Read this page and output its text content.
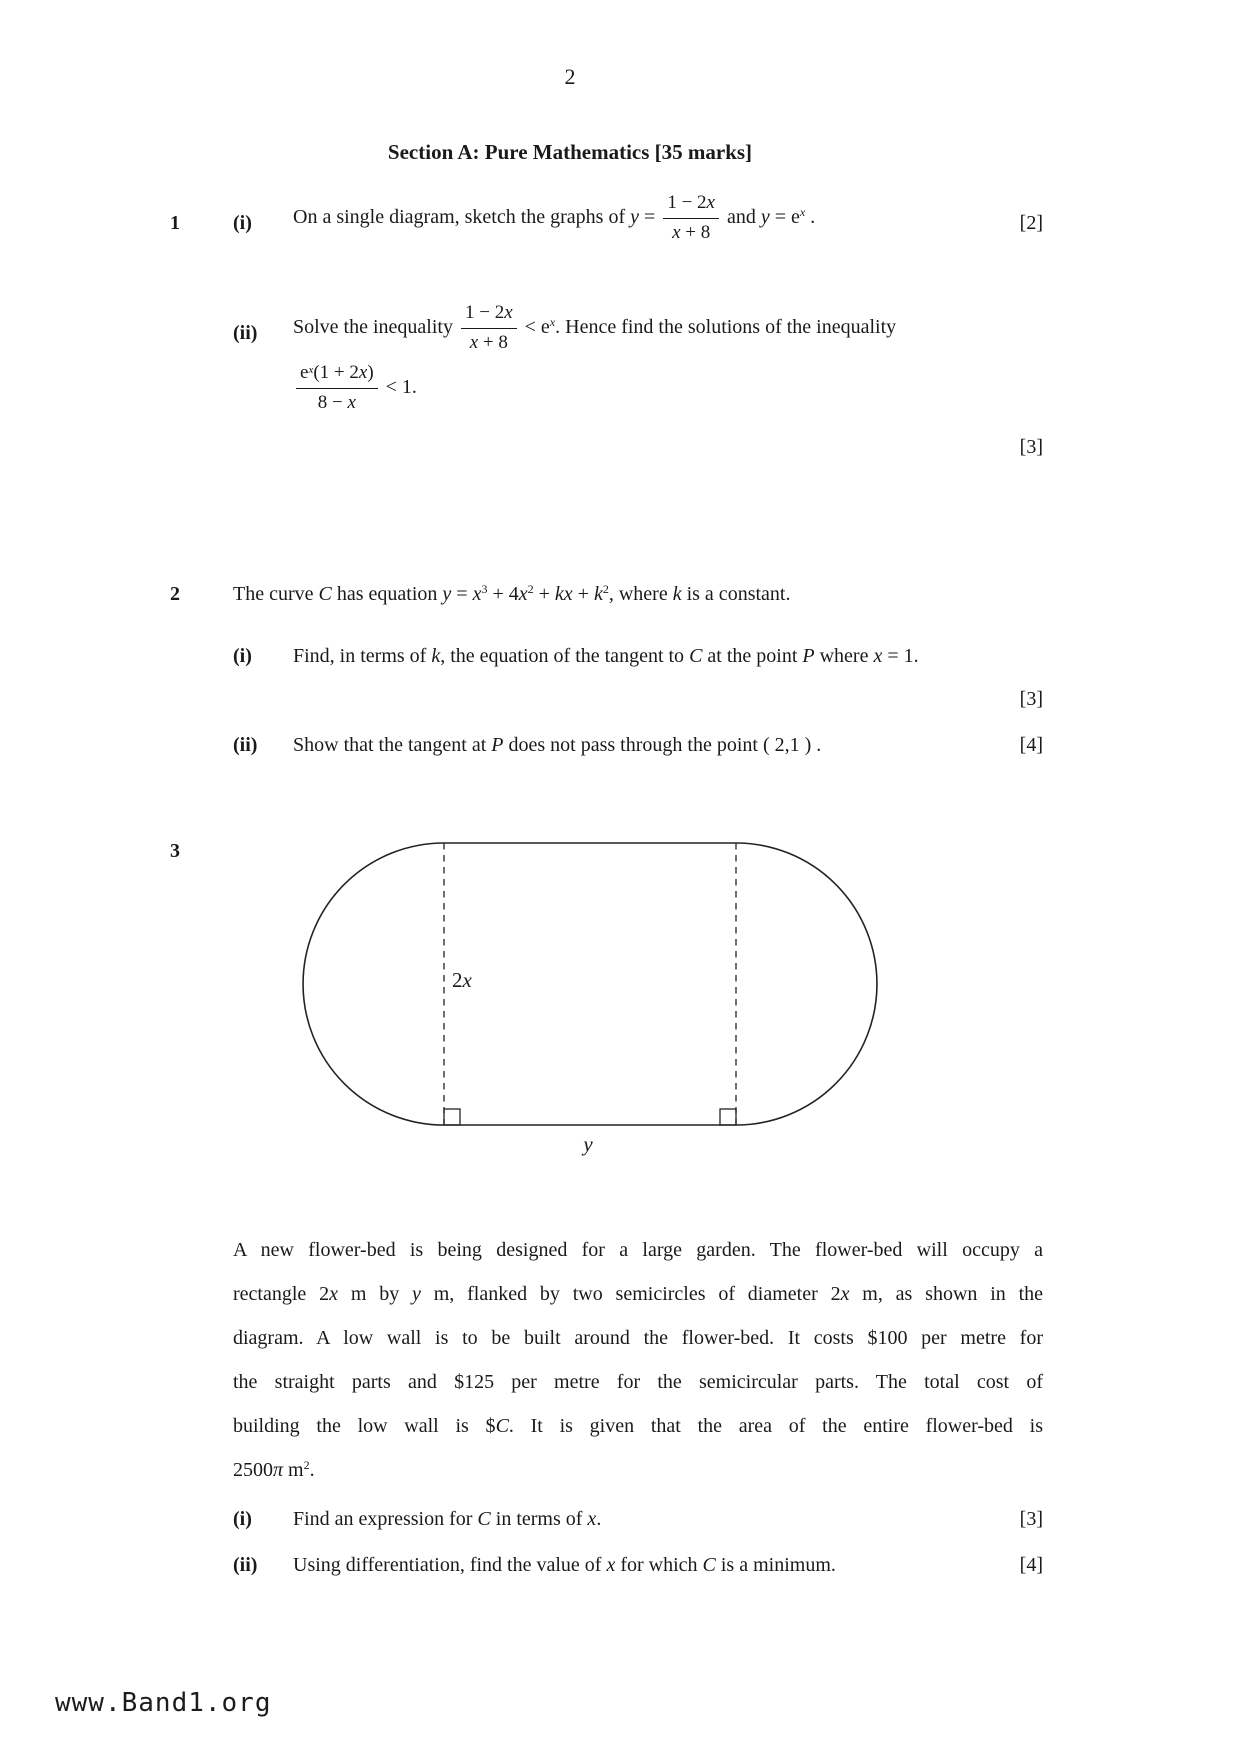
2
Section A: Pure Mathematics [35 marks]
1	(i)	On a single diagram, sketch the graphs of $y = \frac{1 - 2x}{x + 8}$ and $y = e^x$ .	[2]
(ii)	Solve the inequality $\frac{1 - 2x}{x + 8} < e^x$. Hence find the solutions of the inequality
$\frac{e^x(1 + 2x)}{8 - x} < 1$.
[3]
2	The curve C has equation $y = x^3 + 4x^2$ + kx + $k^2$, where k is a constant.
(i)	Find, in terms of k, the equation of the tangent to C at the point P where x = 1.
[3]
(ii)	Show that the tangent at P does not pass through the point ( 2,1 ) .	[4]
3
2x
y
A new flower-bed is being designed for a large garden. The flower-bed will occupy a
rectangle 2x m by y m, flanked by two semicircles of diameter 2x m, as shown in the
diagram. A low wall is to be built around the flower-bed. It costs $100 per metre for
the straight parts and $125 per metre for the semicircular parts. The total cost of
building the low wall is $C. It is given that the area of the entire flower-bed is
2500π $m^2$.
(i)	Find an expression for C in terms of x.	[3]
(ii)	Using differentiation, find the value of x for which C is a minimum.	[4]
www.Band1.org
